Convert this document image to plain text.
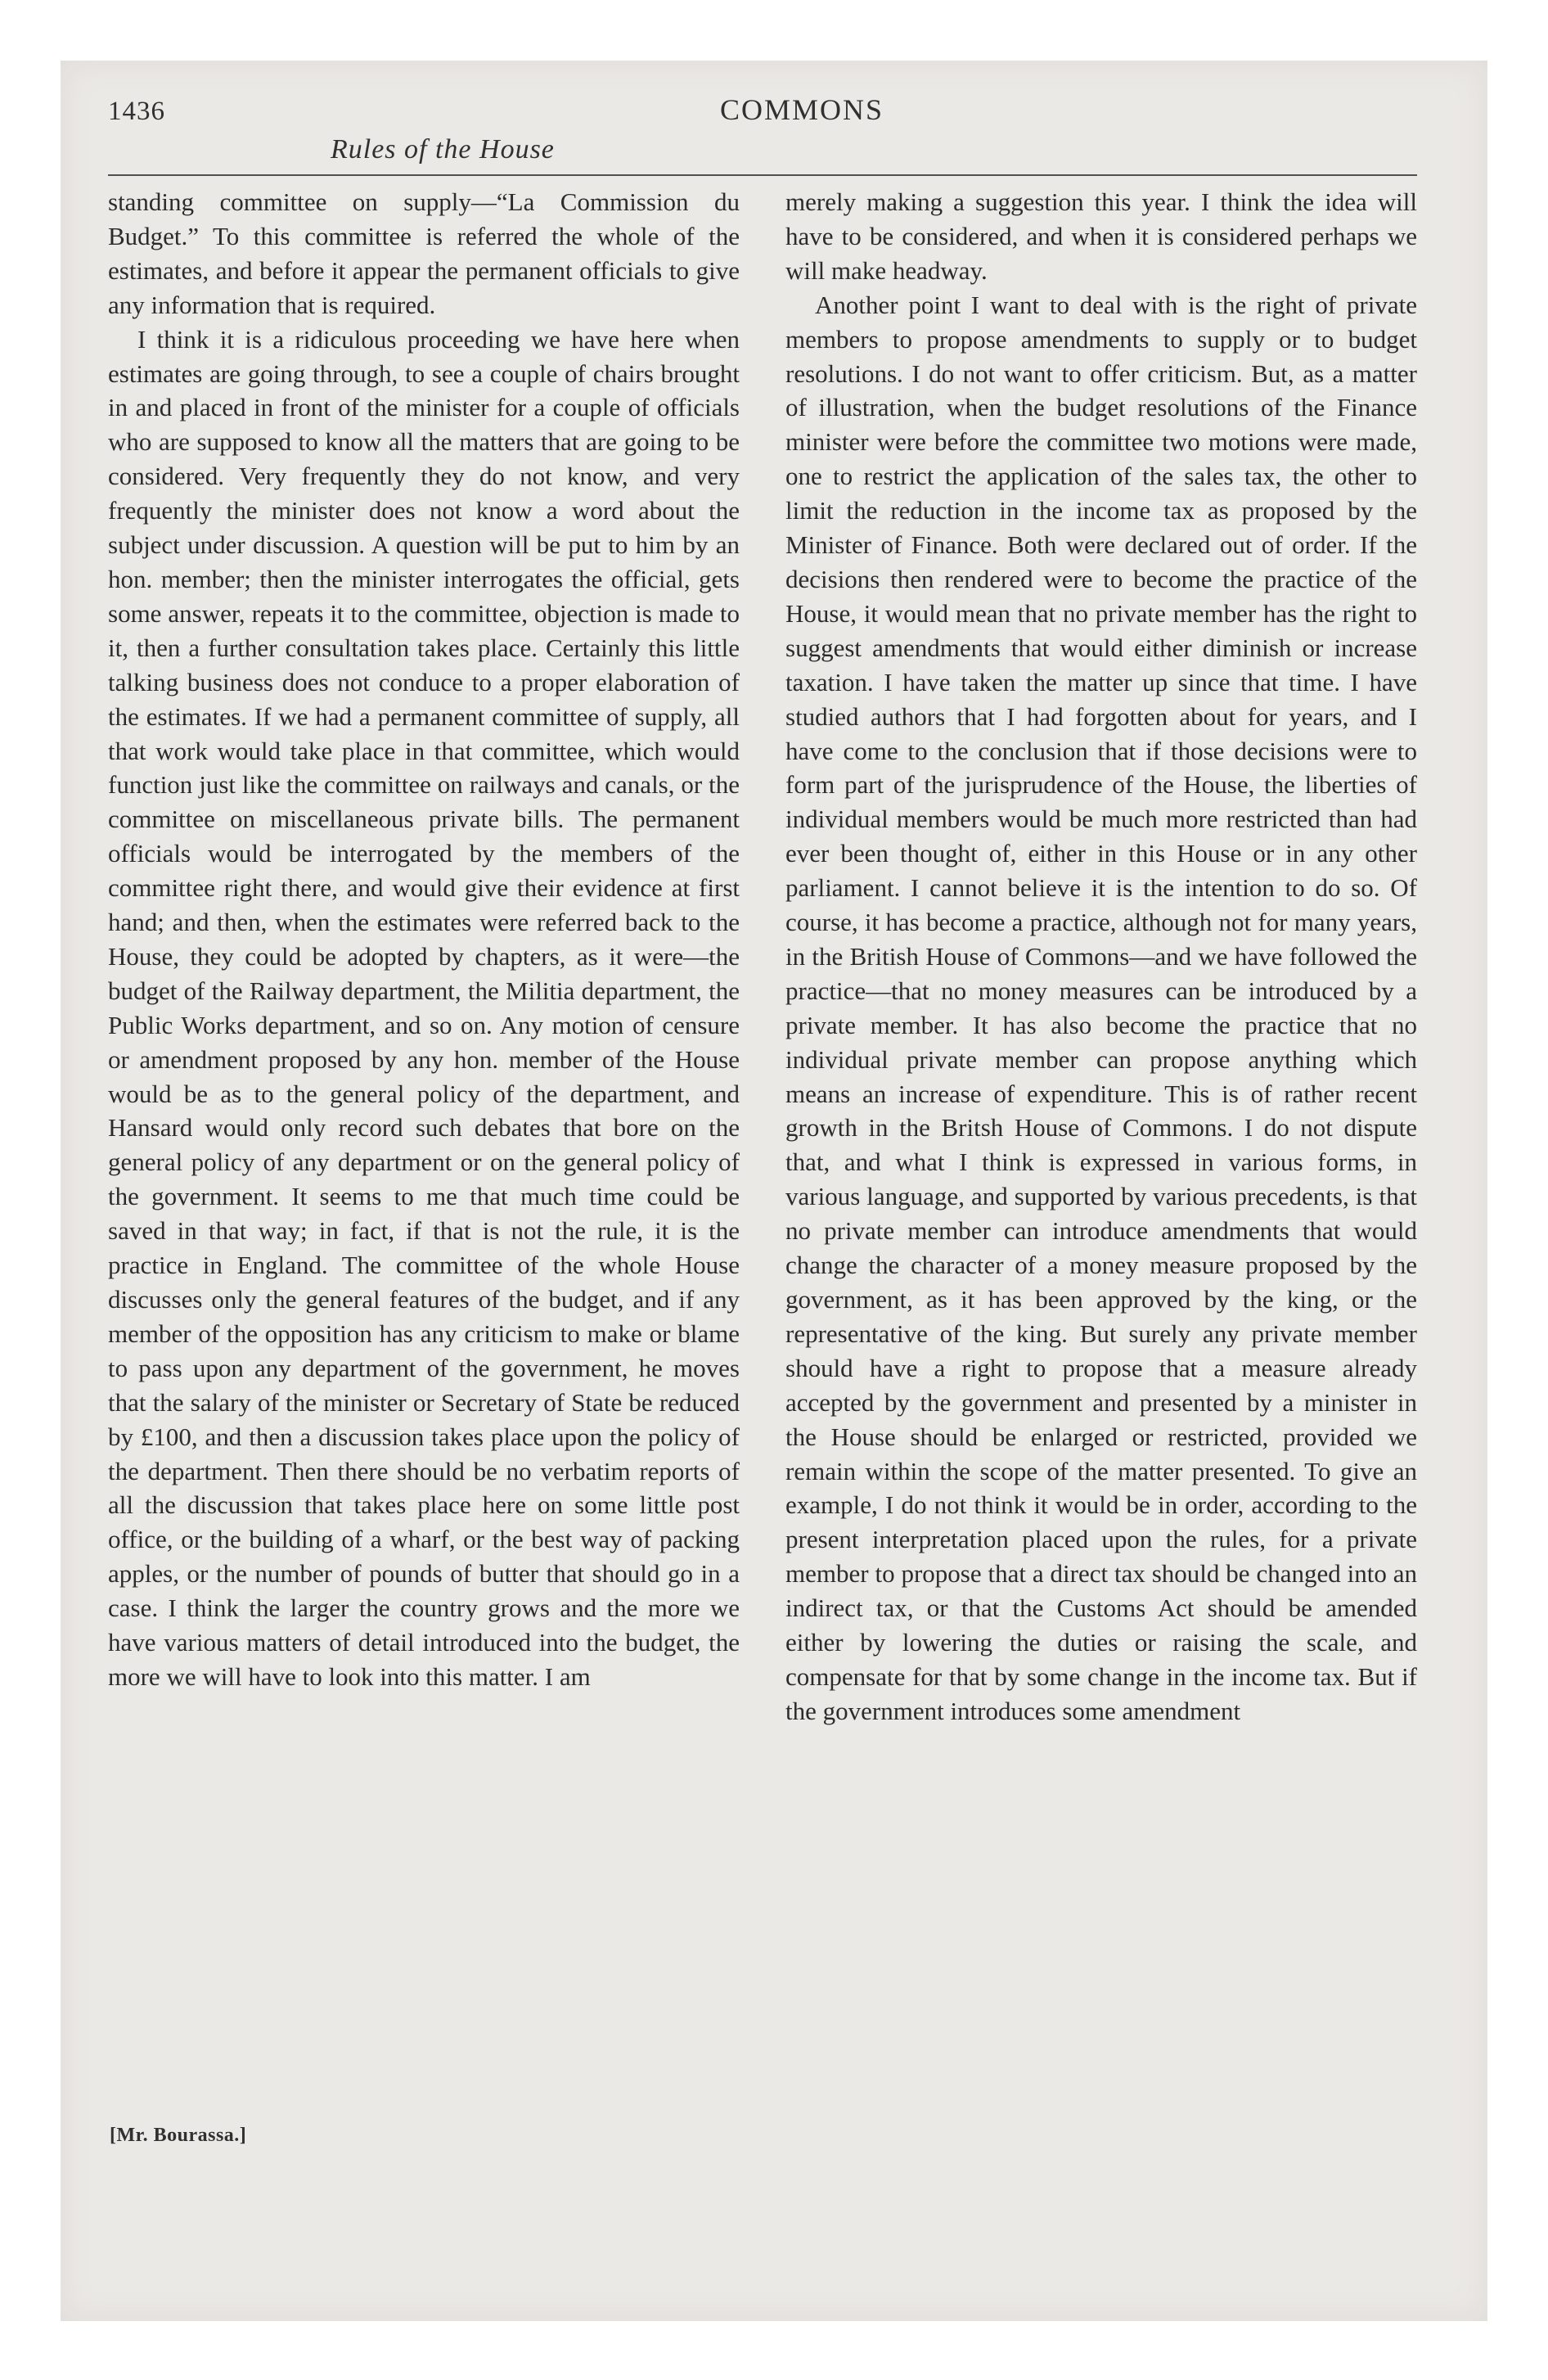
1436	COMMONS
Rules of the House

standing committee on supply—“La Commission du Budget.” To this committee is referred the whole of the estimates, and before it appear the permanent officials to give any information that is required.

I think it is a ridiculous proceeding we have here when estimates are going through, to see a couple of chairs brought in and placed in front of the minister for a couple of officials who are supposed to know all the matters that are going to be considered. Very frequently they do not know, and very frequently the minister does not know a word about the subject under discussion. A question will be put to him by an hon. member; then the minister interrogates the official, gets some answer, repeats it to the committee, objection is made to it, then a further consultation takes place. Certainly this little talking business does not conduce to a proper elaboration of the estimates. If we had a permanent committee of supply, all that work would take place in that committee, which would function just like the committee on railways and canals, or the committee on miscellaneous private bills. The permanent officials would be interrogated by the members of the committee right there, and would give their evidence at first hand; and then, when the estimates were referred back to the House, they could be adopted by chapters, as it were—the budget of the Railway department, the Militia department, the Public Works department, and so on. Any motion of censure or amendment proposed by any hon. member of the House would be as to the general policy of the department, and Hansard would only record such debates that bore on the general policy of any department or on the general policy of the government. It seems to me that much time could be saved in that way; in fact, if that is not the rule, it is the practice in England. The committee of the whole House discusses only the general features of the budget, and if any member of the opposition has any criticism to make or blame to pass upon any department of the government, he moves that the salary of the minister or Secretary of State be reduced by £100, and then a discussion takes place upon the policy of the department. Then there should be no verbatim reports of all the discussion that takes place here on some little post office, or the building of a wharf, or the best way of packing apples, or the number of pounds of butter that should go in a case. I think the larger the country grows and the more we have various matters of detail introduced into the budget, the more we will have to look into this matter. I am

merely making a suggestion this year. I think the idea will have to be considered, and when it is considered perhaps we will make headway.

Another point I want to deal with is the right of private members to propose amendments to supply or to budget resolutions. I do not want to offer criticism. But, as a matter of illustration, when the budget resolutions of the Finance minister were before the committee two motions were made, one to restrict the application of the sales tax, the other to limit the reduction in the income tax as proposed by the Minister of Finance. Both were declared out of order. If the decisions then rendered were to become the practice of the House, it would mean that no private member has the right to suggest amendments that would either diminish or increase taxation. I have taken the matter up since that time. I have studied authors that I had forgotten about for years, and I have come to the conclusion that if those decisions were to form part of the jurisprudence of the House, the liberties of individual members would be much more restricted than had ever been thought of, either in this House or in any other parliament. I cannot believe it is the intention to do so. Of course, it has become a practice, although not for many years, in the British House of Commons—and we have followed the practice—that no money measures can be introduced by a private member. It has also become the practice that no individual private member can propose anything which means an increase of expenditure. This is of rather recent growth in the Britsh House of Commons. I do not dispute that, and what I think is expressed in various forms, in various language, and supported by various precedents, is that no private member can introduce amendments that would change the character of a money measure proposed by the government, as it has been approved by the king, or the representative of the king. But surely any private member should have a right to propose that a measure already accepted by the government and presented by a minister in the House should be enlarged or restricted, provided we remain within the scope of the matter presented. To give an example, I do not think it would be in order, according to the present interpretation placed upon the rules, for a private member to propose that a direct tax should be changed into an indirect tax, or that the Customs Act should be amended either by lowering the duties or raising the scale, and compensate for that by some change in the income tax. But if the government introduces some amendment

[Mr. Bourassa.]
